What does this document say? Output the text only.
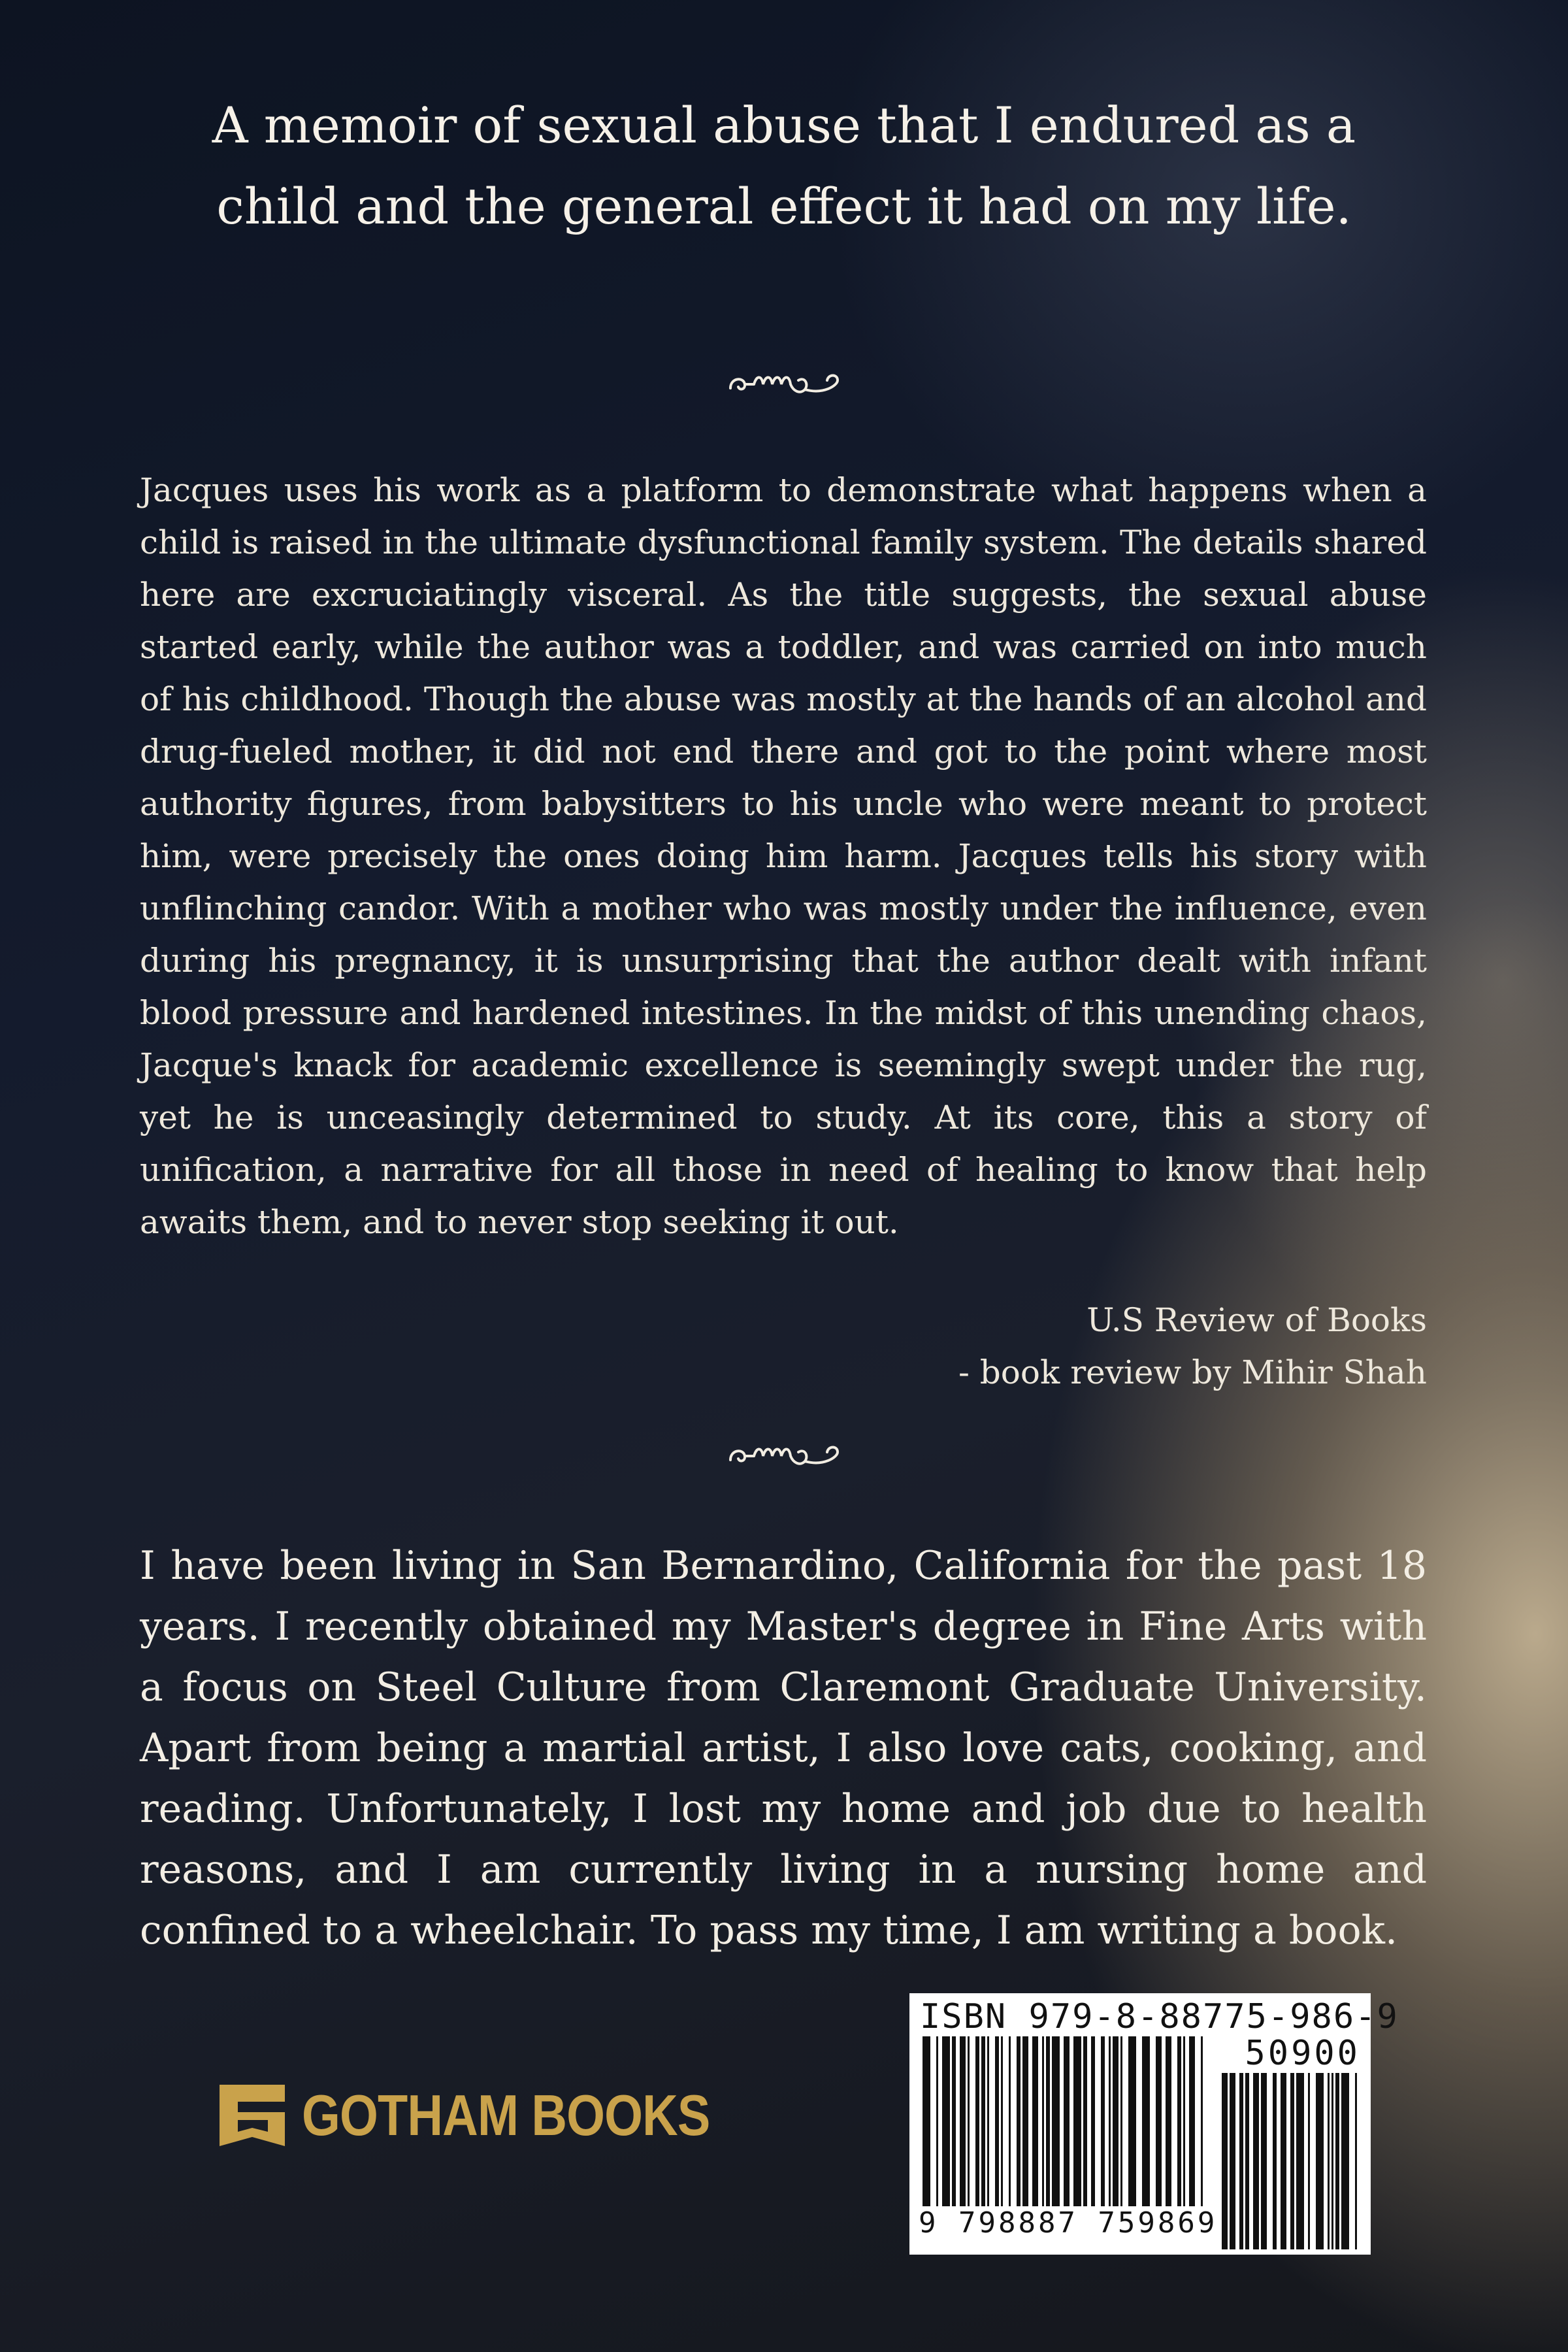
A memoir of sexual abuse that I endured as a child and the general effect it had on my life.

Jacques uses his work as a platform to demonstrate what happens when a child is raised in the ultimate dysfunctional family system. The details shared here are excruciatingly visceral. As the title suggests, the sexual abuse started early, while the author was a toddler, and was carried on into much of his childhood. Though the abuse was mostly at the hands of an alcohol and drug-fueled mother, it did not end there and got to the point where most authority figures, from babysitters to his uncle who were meant to protect him, were precisely the ones doing him harm. Jacques tells his story with unflinching candor. With a mother who was mostly under the influence, even during his pregnancy, it is unsurprising that the author dealt with infant blood pressure and hardened intestines. In the midst of this unending chaos, Jacque's knack for academic excellence is seemingly swept under the rug, yet he is unceasingly determined to study. At its core, this a story of unification, a narrative for all those in need of healing to know that help awaits them, and to never stop seeking it out.

U.S Review of Books
- book review by Mihir Shah

I have been living in San Bernardino, California for the past 18 years. I recently obtained my Master's degree in Fine Arts with a focus on Steel Culture from Claremont Graduate University. Apart from being a martial artist, I also love cats, cooking, and reading. Unfortunately, I lost my home and job due to health reasons, and I am currently living in a nursing home and confined to a wheelchair. To pass my time, I am writing a book.

GOTHAM BOOKS
ISBN 979-8-88775-986-9
50900
9 798887 759869
